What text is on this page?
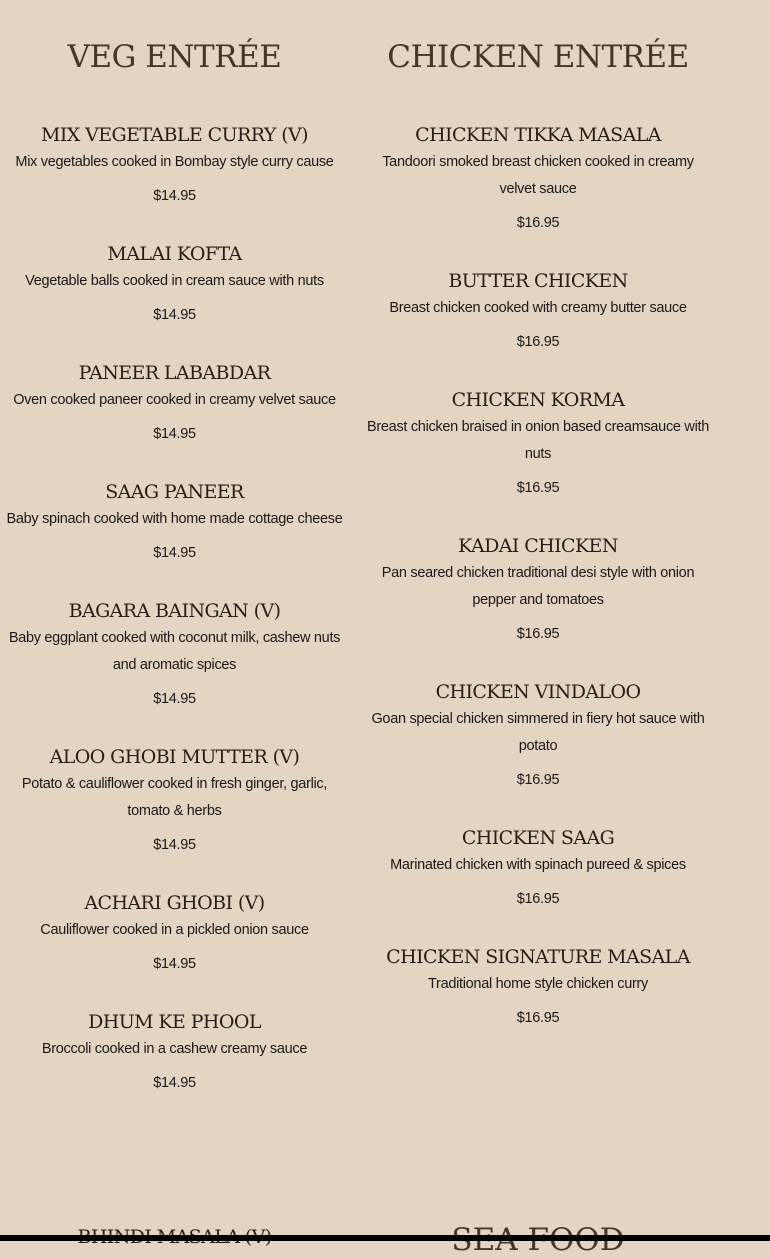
VEG ENTRÉE

MIX VEGETABLE CURRY (V)

Mix vegetables cooked in Bombay style curry cause

$14.95

MALAI KOFTA

Vegetable balls cooked in cream sauce with nuts

$14.95

PANEER LABABDAR

Oven cooked paneer cooked in creamy velvet sauce

$14.95

SAAG PANEER

Baby spinach cooked with home made cottage cheese

$14.95

BAGARA BAINGAN (V)

Baby eggplant cooked with coconut milk, cashew nuts and aromatic spices

$14.95

ALOO GHOBI MUTTER (V)

Potato & cauliflower cooked in fresh ginger, garlic, tomato & herbs

$14.95

ACHARI GHOBI (V)

Cauliflower cooked in a pickled onion sauce

$14.95

DHUM KE PHOOL

Broccoli cooked in a cashew creamy sauce

$14.95

CHICKEN ENTRÉE

CHICKEN TIKKA MASALA

Tandoori smoked breast chicken cooked in creamy velvet sauce

$16.95

BUTTER CHICKEN

Breast chicken cooked with creamy butter sauce

$16.95

CHICKEN KORMA

Breast chicken braised in onion based creamsauce with nuts

$16.95

KADAI CHICKEN

Pan seared chicken traditional desi style with onion pepper and tomatoes

$16.95

CHICKEN VINDALOO

Goan special chicken simmered in fiery hot sauce with potato

$16.95

CHICKEN SAAG

Marinated chicken with spinach pureed & spices

$16.95

CHICKEN SIGNATURE MASALA

Traditional home style chicken curry

$16.95
